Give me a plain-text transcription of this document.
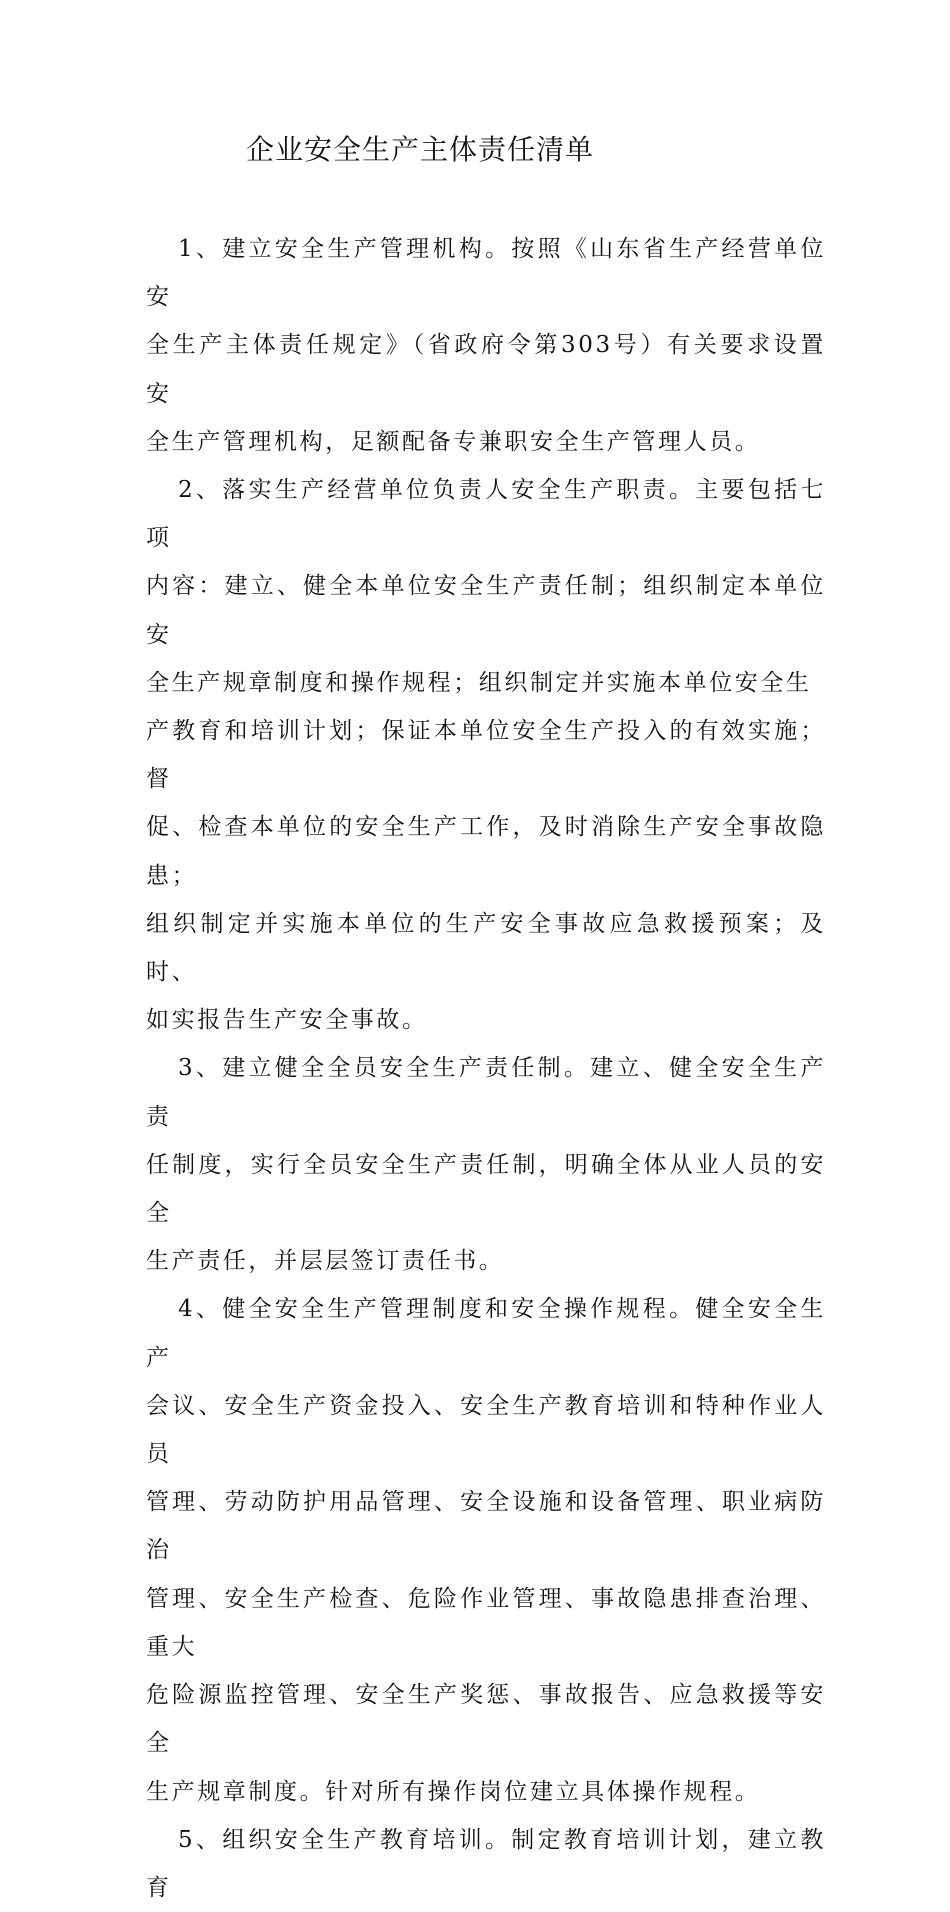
企业安全生产主体责任清单

1、建立安全生产管理机构。按照《山东省生产经营单位安
全生产主体责任规定》（省政府令第303号）有关要求设置安
全生产管理机构，足额配备专兼职安全生产管理人员。

2、落实生产经营单位负责人安全生产职责。主要包括七项
内容：建立、健全本单位安全生产责任制；组织制定本单位安
全生产规章制度和操作规程；组织制定并实施本单位安全生
产教育和培训计划；保证本单位安全生产投入的有效实施；督
促、检查本单位的安全生产工作，及时消除生产安全事故隐患；
组织制定并实施本单位的生产安全事故应急救援预案；及时、
如实报告生产安全事故。

3、建立健全全员安全生产责任制。建立、健全安全生产责
任制度，实行全员安全生产责任制，明确全体从业人员的安全
生产责任，并层层签订责任书。

4、健全安全生产管理制度和安全操作规程。健全安全生产
会议、安全生产资金投入、安全生产教育培训和特种作业人员
管理、劳动防护用品管理、安全设施和设备管理、职业病防治
管理、安全生产检查、危险作业管理、事故隐患排查治理、重大
危险源监控管理、安全生产奖惩、事故报告、应急救援等安全
生产规章制度。针对所有操作岗位建立具体操作规程。

5、组织安全生产教育培训。制定教育培训计划，建立教育
